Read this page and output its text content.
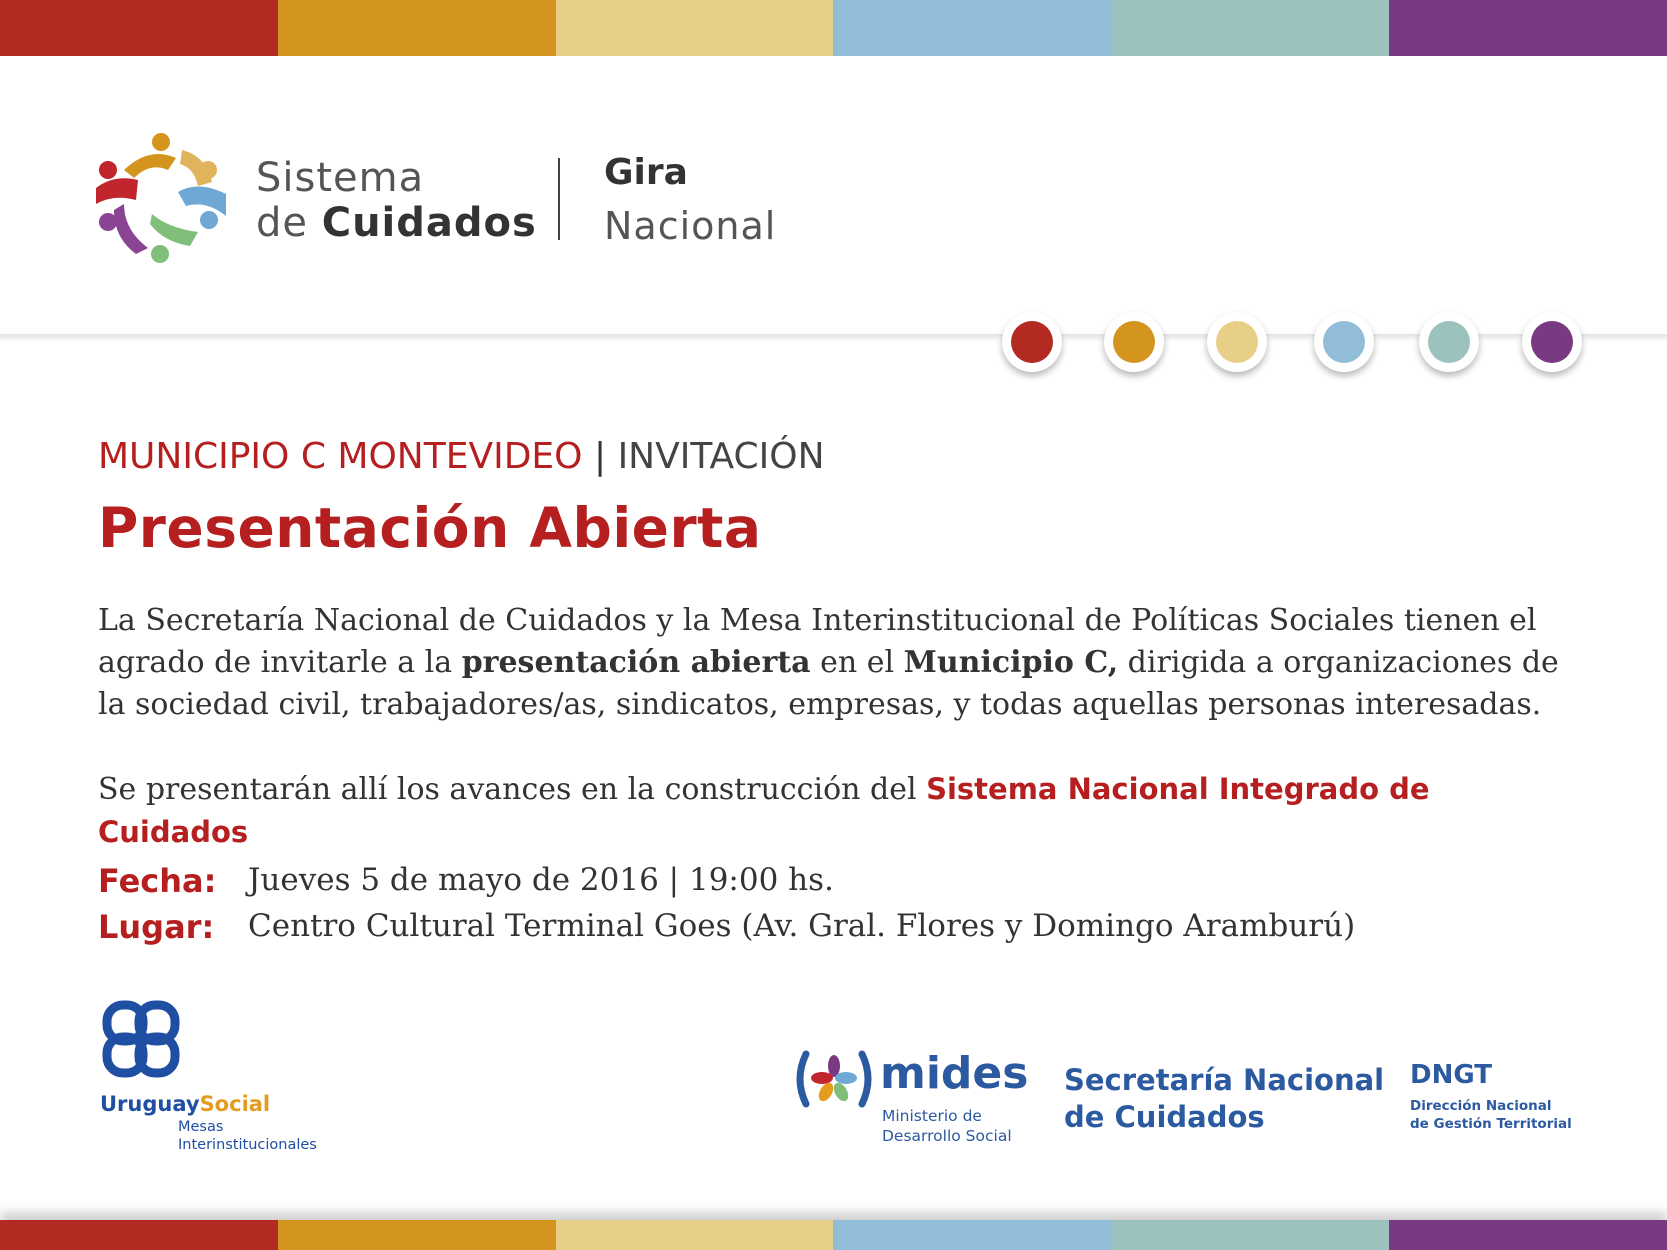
Sistema
de Cuidados
Gira
Nacional
MUNICIPIO C MONTEVIDEO | INVITACIÓN
Presentación Abierta

La Secretaría Nacional de Cuidados y la Mesa Interinstitucional de Políticas Sociales tienen el agrado de invitarle a la presentación abierta en el Municipio C, dirigida a organizaciones de la sociedad civil, trabajadores/as, sindicatos, empresas, y todas aquellas personas interesadas.

Se presentarán allí los avances en la construcción del Sistema Nacional Integrado de Cuidados

Fecha: Jueves 5 de mayo de 2016 | 19:00 hs.
Lugar: Centro Cultural Terminal Goes (Av. Gral. Flores y Domingo Aramburú)
UruguaySocial
Mesas
Interinstitucionales
mides
Ministerio de
Desarrollo Social
Secretaría Nacional
de Cuidados
DNGT
Dirección Nacional
de Gestión Territorial
